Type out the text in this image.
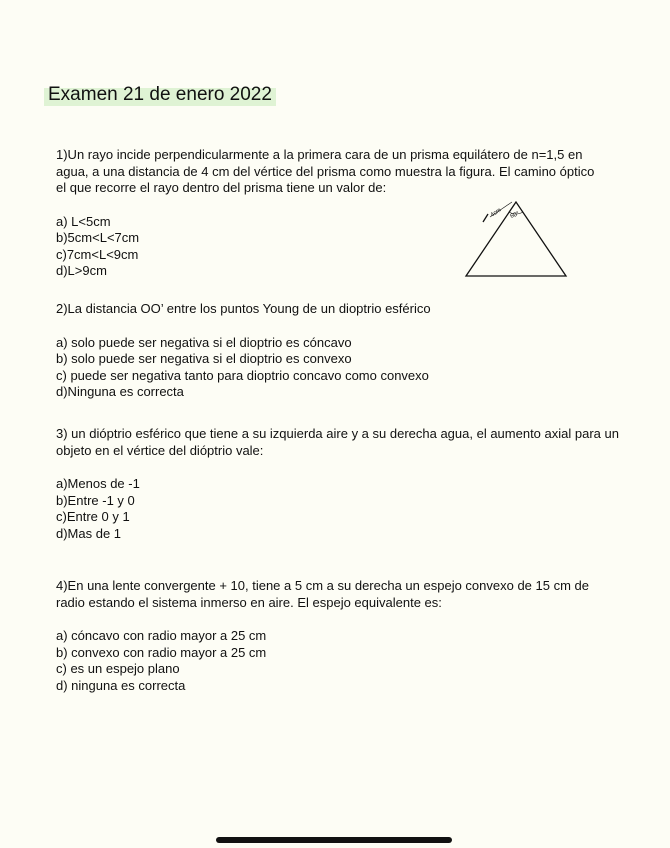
Examen 21 de enero 2022
1)Un rayo incide perpendicularmente a la primera cara de un prisma equilátero de n=1,5 en
agua, a una distancia de 4 cm del vértice del prisma como muestra la figura. El camino óptico
el que recorre el rayo dentro del prisma tiene un valor de:
a) L<5cm
b)5cm<L<7cm
c)7cm<L<9cm
d)L>9cm
4cm 60°
2)La distancia OO’ entre los puntos Young de un dioptrio esférico
a) solo puede ser negativa si el dioptrio es cóncavo
b) solo puede ser negativa si el dioptrio es convexo
c) puede ser negativa tanto para dioptrio concavo como convexo
d)Ninguna es correcta
3) un dióptrio esférico que tiene a su izquierda aire y a su derecha agua, el aumento axial para un
objeto en el vértice del dióptrio vale:
a)Menos de -1
b)Entre -1 y 0
c)Entre 0 y 1
d)Mas de 1
4)En una lente convergente + 10, tiene a 5 cm a su derecha un espejo convexo de 15 cm de
radio estando el sistema inmerso en aire. El espejo equivalente es:
a) cóncavo con radio mayor a 25 cm
b) convexo con radio mayor a 25 cm
c) es un espejo plano
d) ninguna es correcta
